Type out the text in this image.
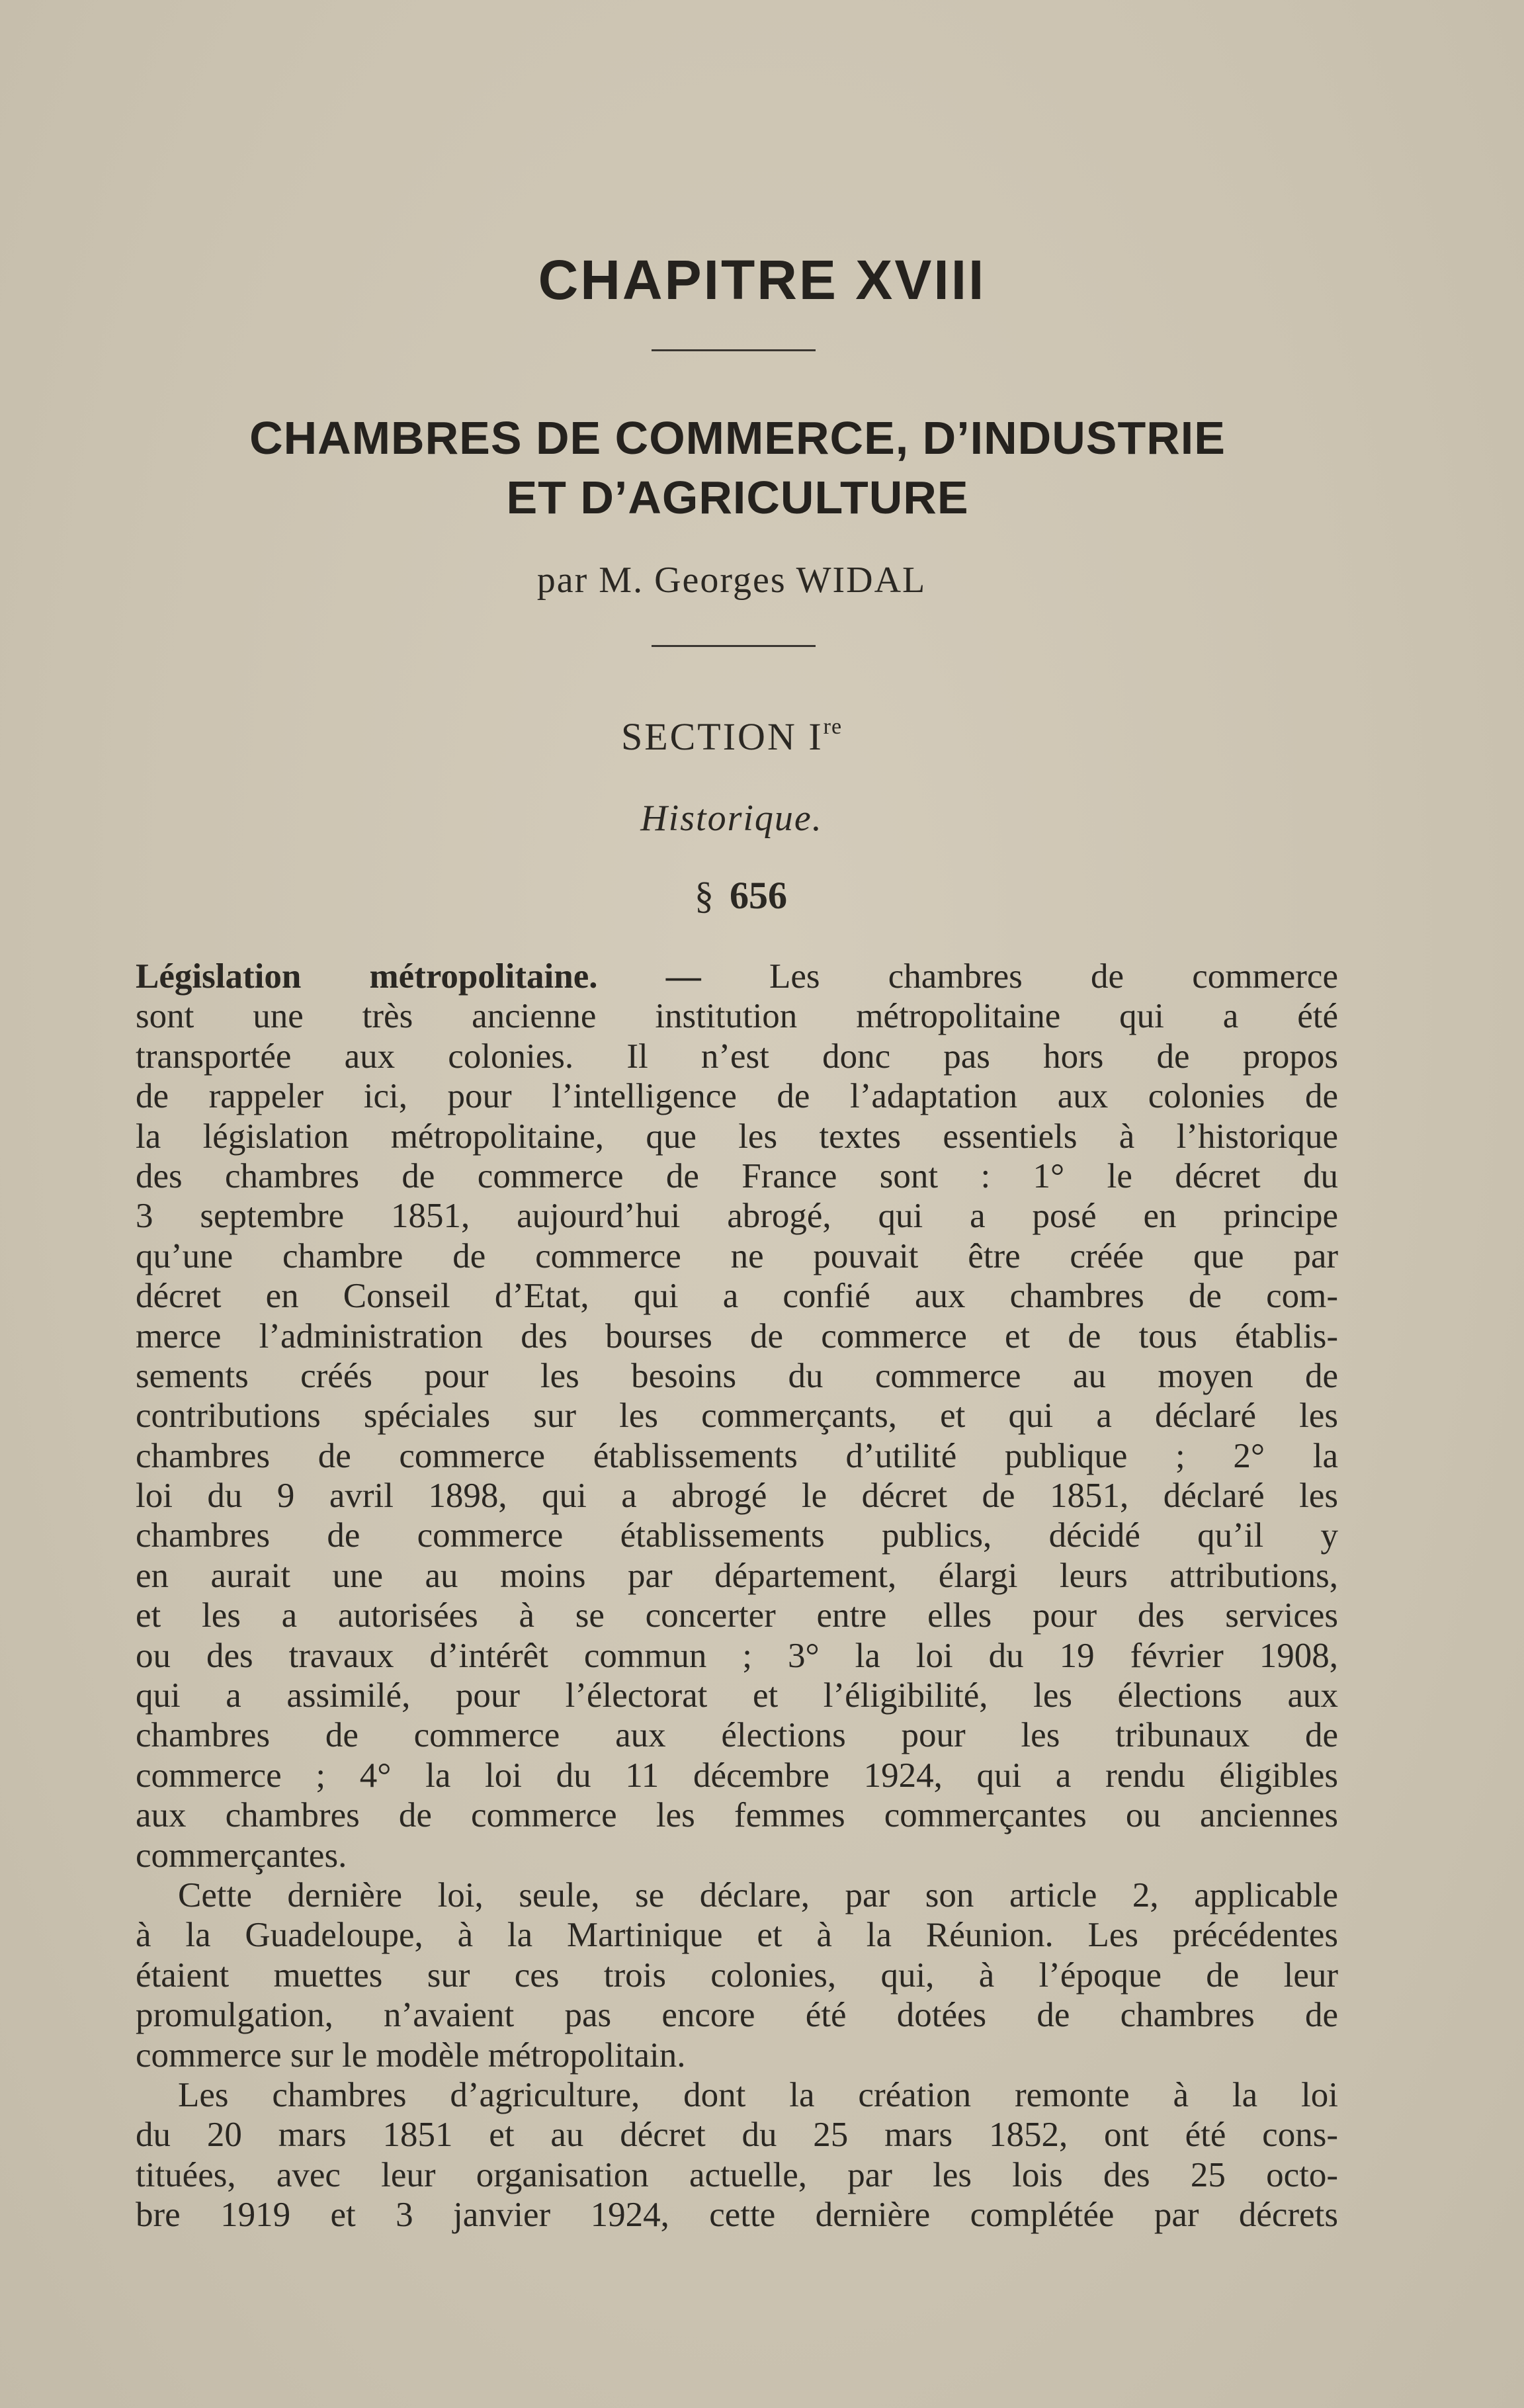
CHAPITRE XVIII
CHAMBRES DE COMMERCE, D’INDUSTRIE
ET D’AGRICULTURE
par M. Georges WIDAL
SECTION Ire
Historique.
§ 656
Législation métropolitaine. — Les chambres de commerce
sont une très ancienne institution métropolitaine qui a été
transportée aux colonies. Il n’est donc pas hors de propos
de rappeler ici, pour l’intelligence de l’adaptation aux colonies de
la législation métropolitaine, que les textes essentiels à l’historique
des chambres de commerce de France sont : 1° le décret du
3 septembre 1851, aujourd’hui abrogé, qui a posé en principe
qu’une chambre de commerce ne pouvait être créée que par
décret en Conseil d’Etat, qui a confié aux chambres de com-
merce l’administration des bourses de commerce et de tous établis-
sements créés pour les besoins du commerce au moyen de
contributions spéciales sur les commerçants, et qui a déclaré les
chambres de commerce établissements d’utilité publique ; 2° la
loi du 9 avril 1898, qui a abrogé le décret de 1851, déclaré les
chambres de commerce établissements publics, décidé qu’il y
en aurait une au moins par département, élargi leurs attributions,
et les a autorisées à se concerter entre elles pour des services
ou des travaux d’intérêt commun ; 3° la loi du 19 février 1908,
qui a assimilé, pour l’électorat et l’éligibilité, les élections aux
chambres de commerce aux élections pour les tribunaux de
commerce ; 4° la loi du 11 décembre 1924, qui a rendu éligibles
aux chambres de commerce les femmes commerçantes ou anciennes
commerçantes.
Cette dernière loi, seule, se déclare, par son article 2, applicable
à la Guadeloupe, à la Martinique et à la Réunion. Les précédentes
étaient muettes sur ces trois colonies, qui, à l’époque de leur
promulgation, n’avaient pas encore été dotées de chambres de
commerce sur le modèle métropolitain.
Les chambres d’agriculture, dont la création remonte à la loi
du 20 mars 1851 et au décret du 25 mars 1852, ont été cons-
tituées, avec leur organisation actuelle, par les lois des 25 octo-
bre 1919 et 3 janvier 1924, cette dernière complétée par décrets
